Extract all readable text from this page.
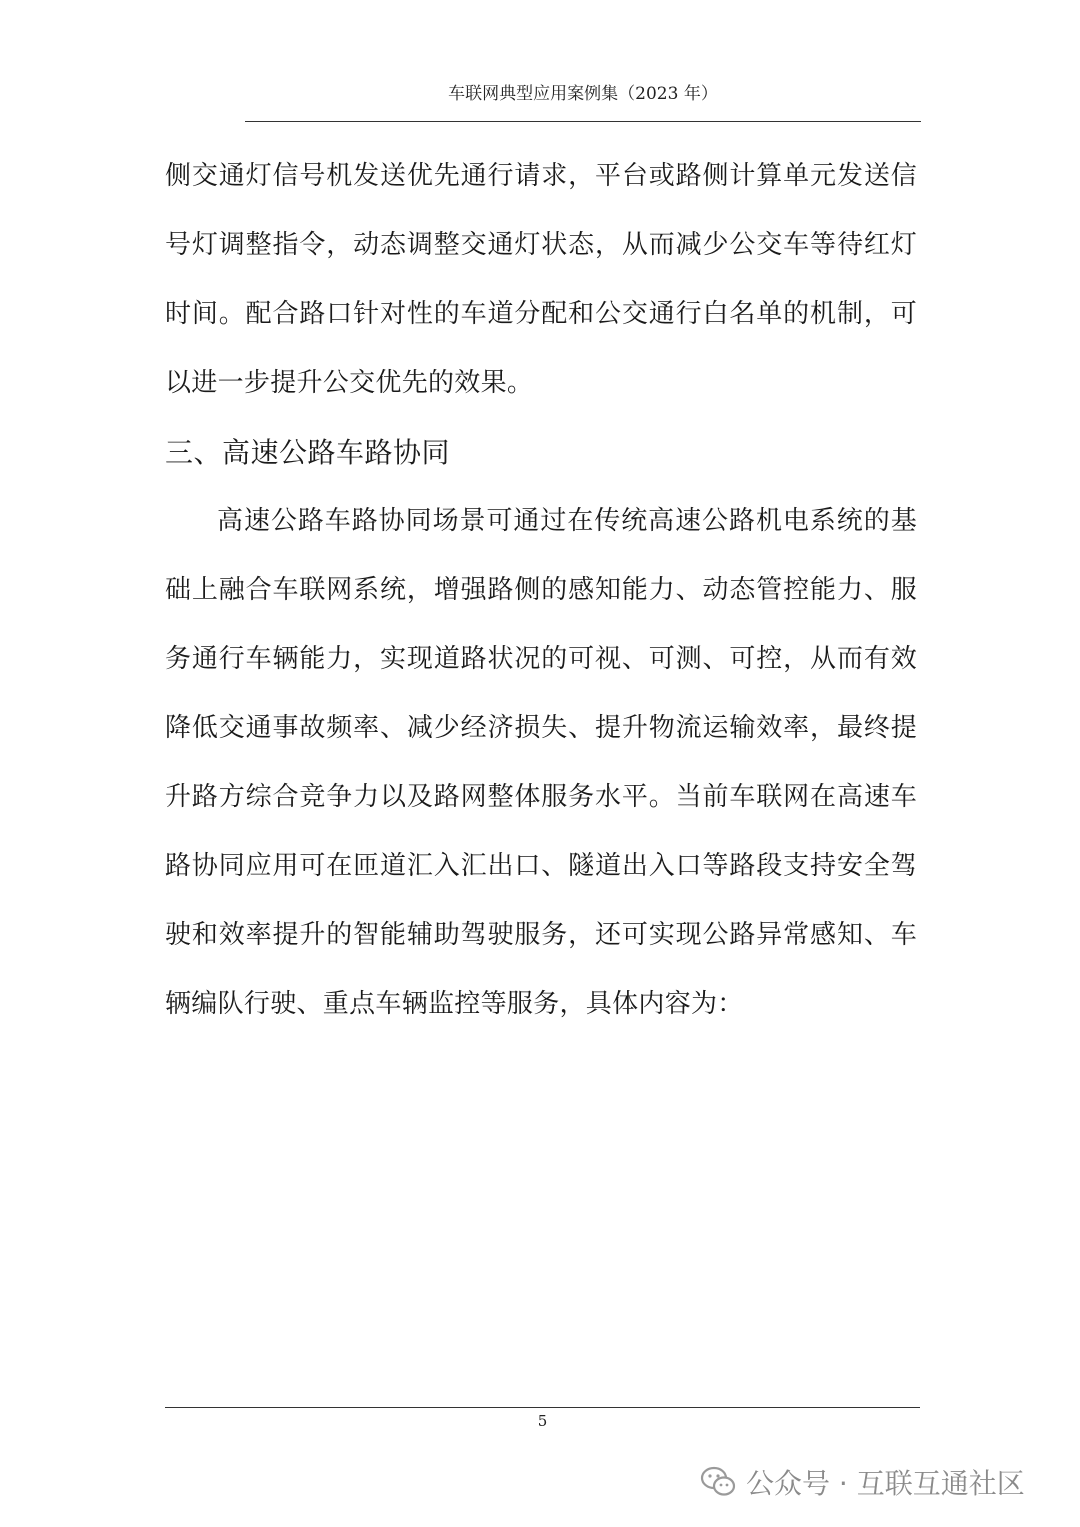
车联网典型应用案例集（2023 年）

侧交通灯信号机发送优先通行请求，平台或路侧计算单元发送信号灯调整指令，动态调整交通灯状态，从而减少公交车等待红灯时间。配合路口针对性的车道分配和公交通行白名单的机制，可以进一步提升公交优先的效果。

三、高速公路车路协同

高速公路车路协同场景可通过在传统高速公路机电系统的基础上融合车联网系统，增强路侧的感知能力、动态管控能力、服务通行车辆能力，实现道路状况的可视、可测、可控，从而有效降低交通事故频率、减少经济损失、提升物流运输效率，最终提升路方综合竞争力以及路网整体服务水平。当前车联网在高速车路协同应用可在匝道汇入汇出口、隧道出入口等路段支持安全驾驶和效率提升的智能辅助驾驶服务，还可实现公路异常感知、车辆编队行驶、重点车辆监控等服务，具体内容为：

5
公众号 · 互联互通社区
